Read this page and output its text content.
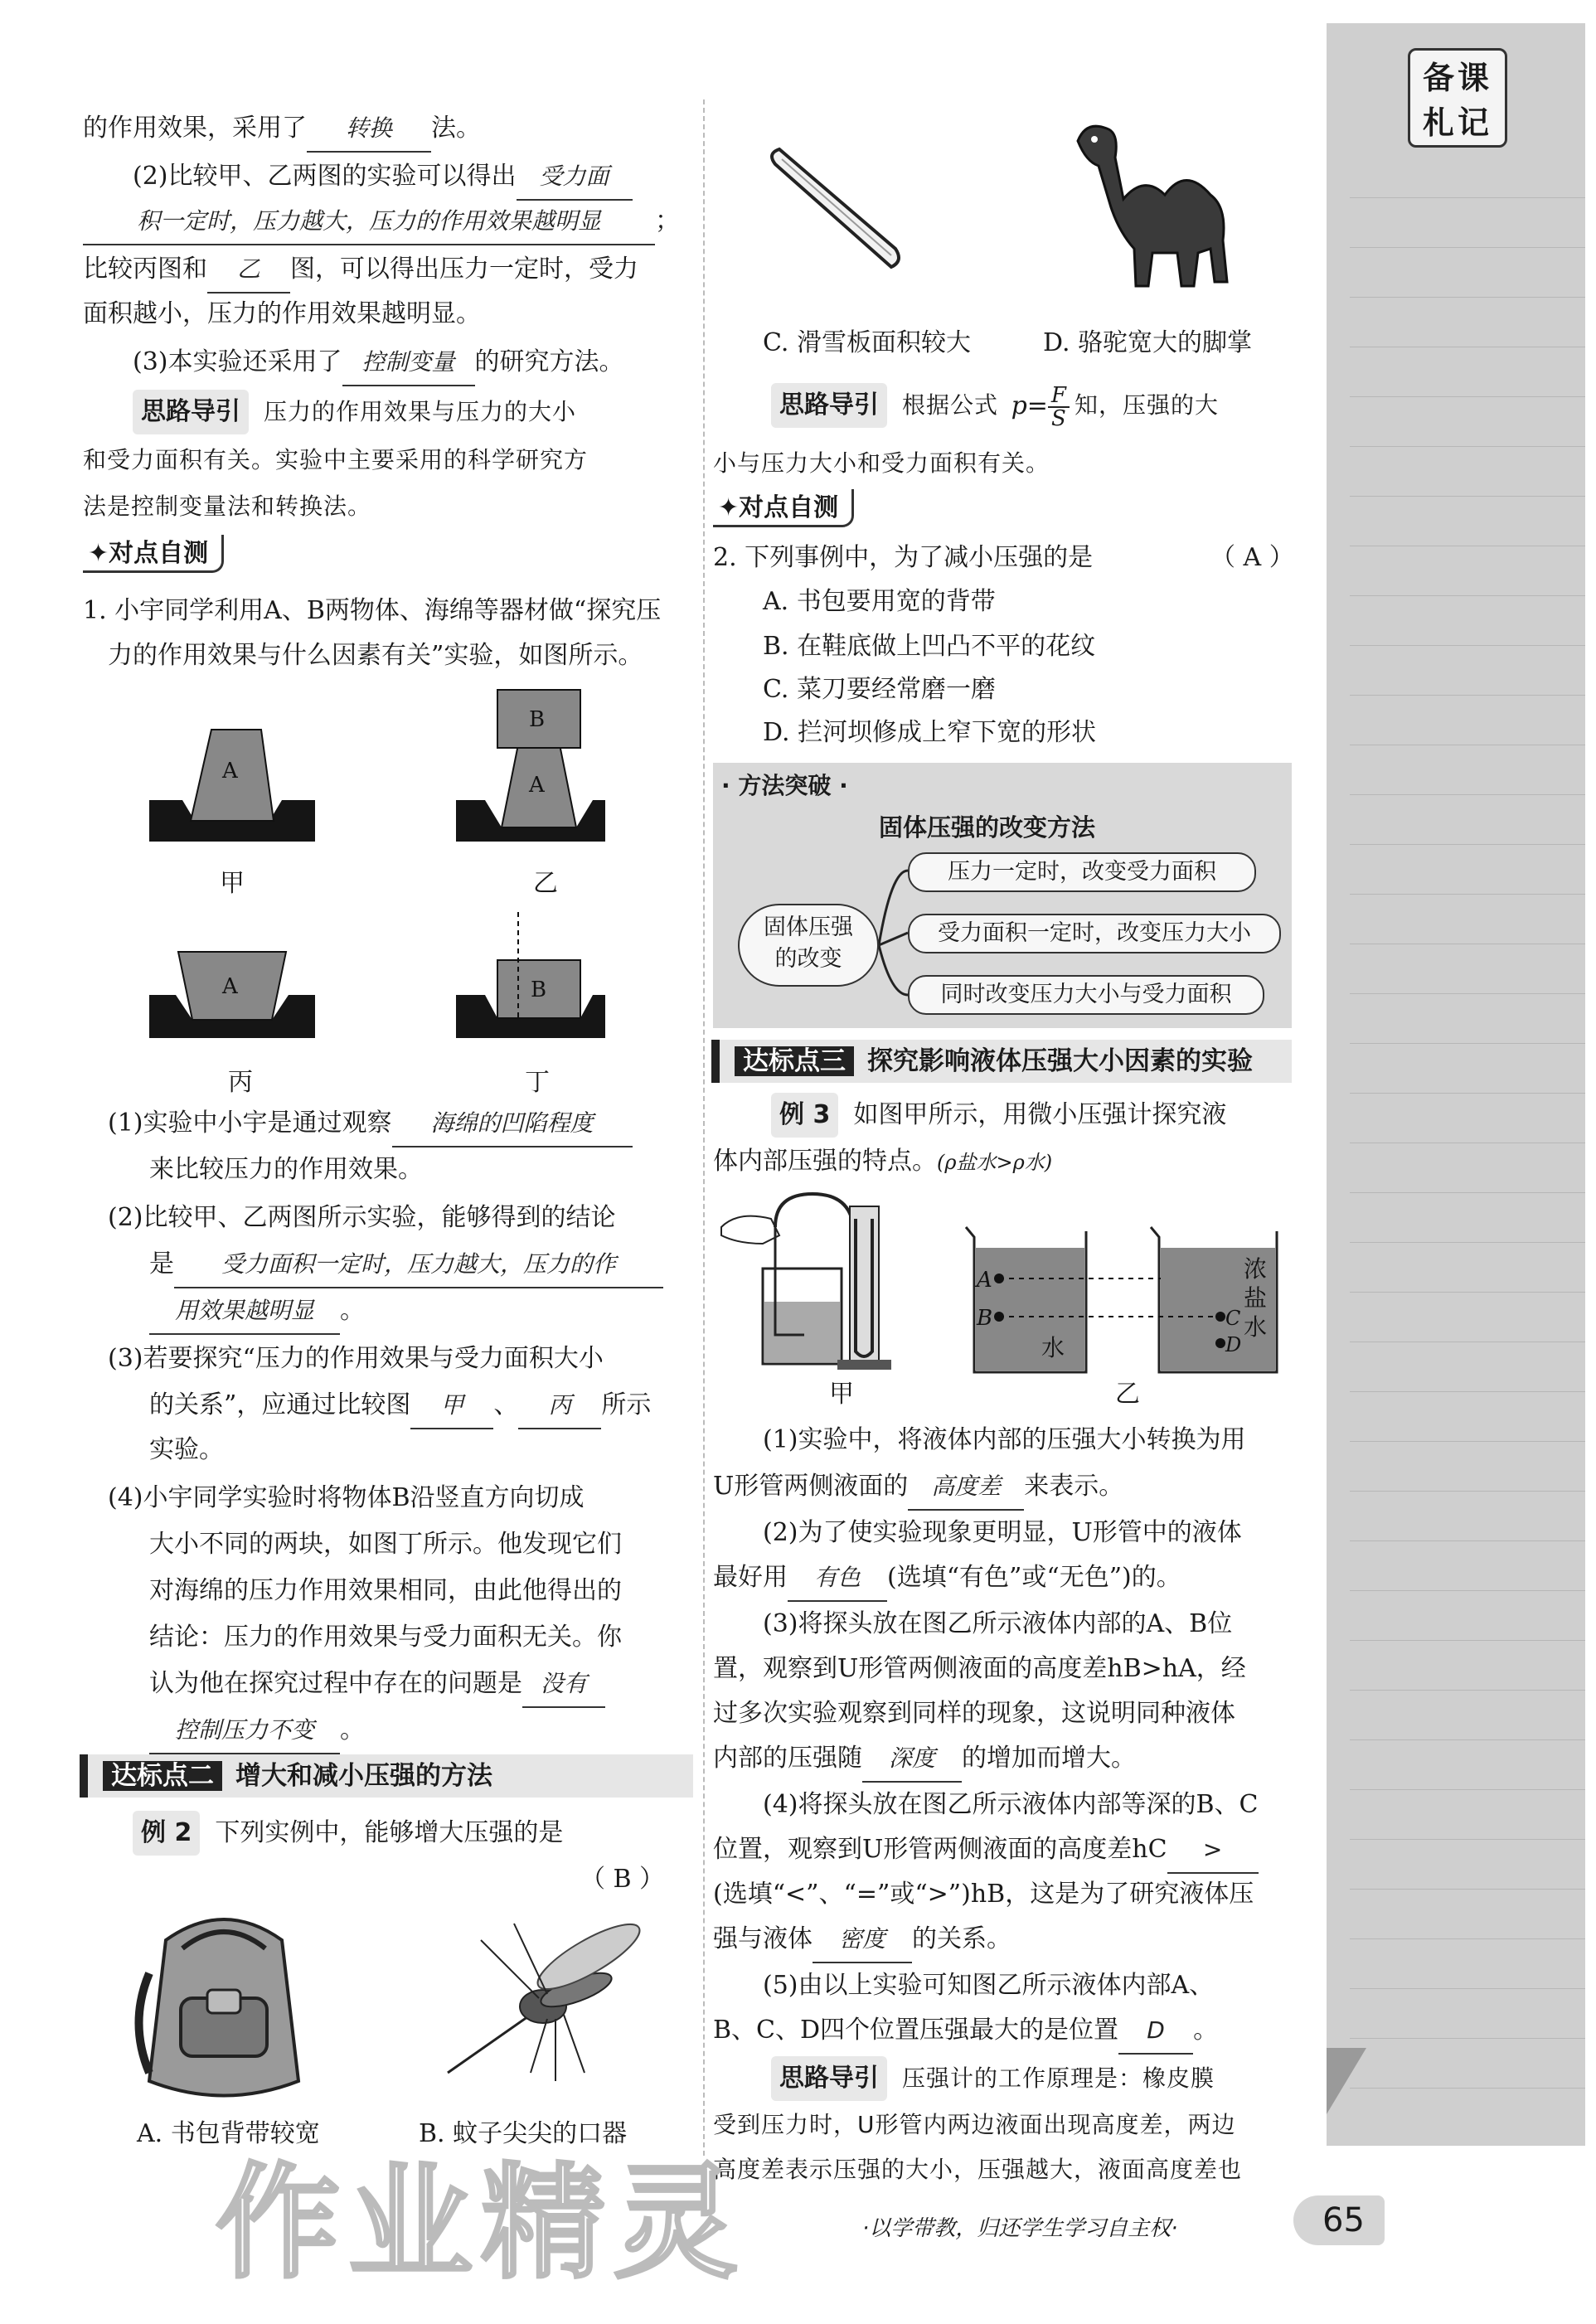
备课札记
的作用效果，采用了 转换 法。
(2)比较甲、乙两图的实验可以得出 受力面
积一定时，压力越大，压力的作用效果越明显 ；
比较丙图和 乙 图，可以得出压力一定时，受力
面积越小，压力的作用效果越明显。
(3)本实验还采用了 控制变量 的研究方法。
思路导引 压力的作用效果与压力的大小
和受力面积有关。实验中主要采用的科学研究方
法是控制变量法和转换法。
✦对点自测
1. 小宇同学利用A、B两物体、海绵等器材做“探究压
力的作用效果与什么因素有关”实验，如图所示。
A
B
A
A	B
甲	乙
丙	丁
(1)实验中小宇是通过观察 海绵的凹陷程度
来比较压力的作用效果。
(2)比较甲、乙两图所示实验，能够得到的结论
是 受力面积一定时，压力越大，压力的作
用效果越明显 。
(3)若要探究“压力的作用效果与受力面积大小
的关系”，应通过比较图 甲 、 丙 所示
实验。
(4)小宇同学实验时将物体B沿竖直方向切成
大小不同的两块，如图丁所示。他发现它们
对海绵的压力作用效果相同，由此他得出的
结论：压力的作用效果与受力面积无关。你
认为他在探究过程中存在的问题是 没有
控制压力不变 。
达标点二 增大和减小压强的方法
例 2 下列实例中，能够增大压强的是
（ B ）
A. 书包背带较宽	B. 蚊子尖尖的口器
C. 滑雪板面积较大	D. 骆驼宽大的脚掌
思路导引 根据公式 $p= \frac{F}{S}$ 知，压强的大
小与压力大小和受力面积有关。
✦对点自测
2. 下列事例中，为了减小压强的是	（ A ）
A. 书包要用宽的背带
B. 在鞋底做上凹凸不平的花纹
C. 菜刀要经常磨一磨
D. 拦河坝修成上窄下宽的形状
· 方法突破 ·
固体压强的改变方法
固体压强
的改变
压力一定时，改变受力面积
受力面积一定时，改变压力大小
同时改变压力大小与受力面积
达标点三 探究影响液体压强大小因素的实验
例 3 如图甲所示，用微小压强计探究液
体内部压强的特点。(ρ盐水>ρ水)
A
B	C
D
水
浓
盐
水
甲	乙
(1)实验中，将液体内部的压强大小转换为用
U形管两侧液面的 高度差 来表示。
(2)为了使实验现象更明显，U形管中的液体
最好用 有色 (选填“有色”或“无色”)的。
(3)将探头放在图乙所示液体内部的A、B位
置，观察到U形管两侧液面的高度差hB>hA，经
过多次实验观察到同样的现象，这说明同种液体
内部的压强随 深度 的增加而增大。
(4)将探头放在图乙所示液体内部等深的B、C
位置，观察到U形管两侧液面的高度差hC >
(选填“<”、“=”或“>”)hB，这是为了研究液体压
强与液体 密度 的关系。
(5)由以上实验可知图乙所示液体内部A、
B、C、D四个位置压强最大的是位置 D 。
思路导引 压强计的工作原理是：橡皮膜
受到压力时，U形管内两边液面出现高度差，两边
高度差表示压强的大小，压强越大，液面高度差也
作业精灵	·以学带教，归还学生学习自主权·	65
